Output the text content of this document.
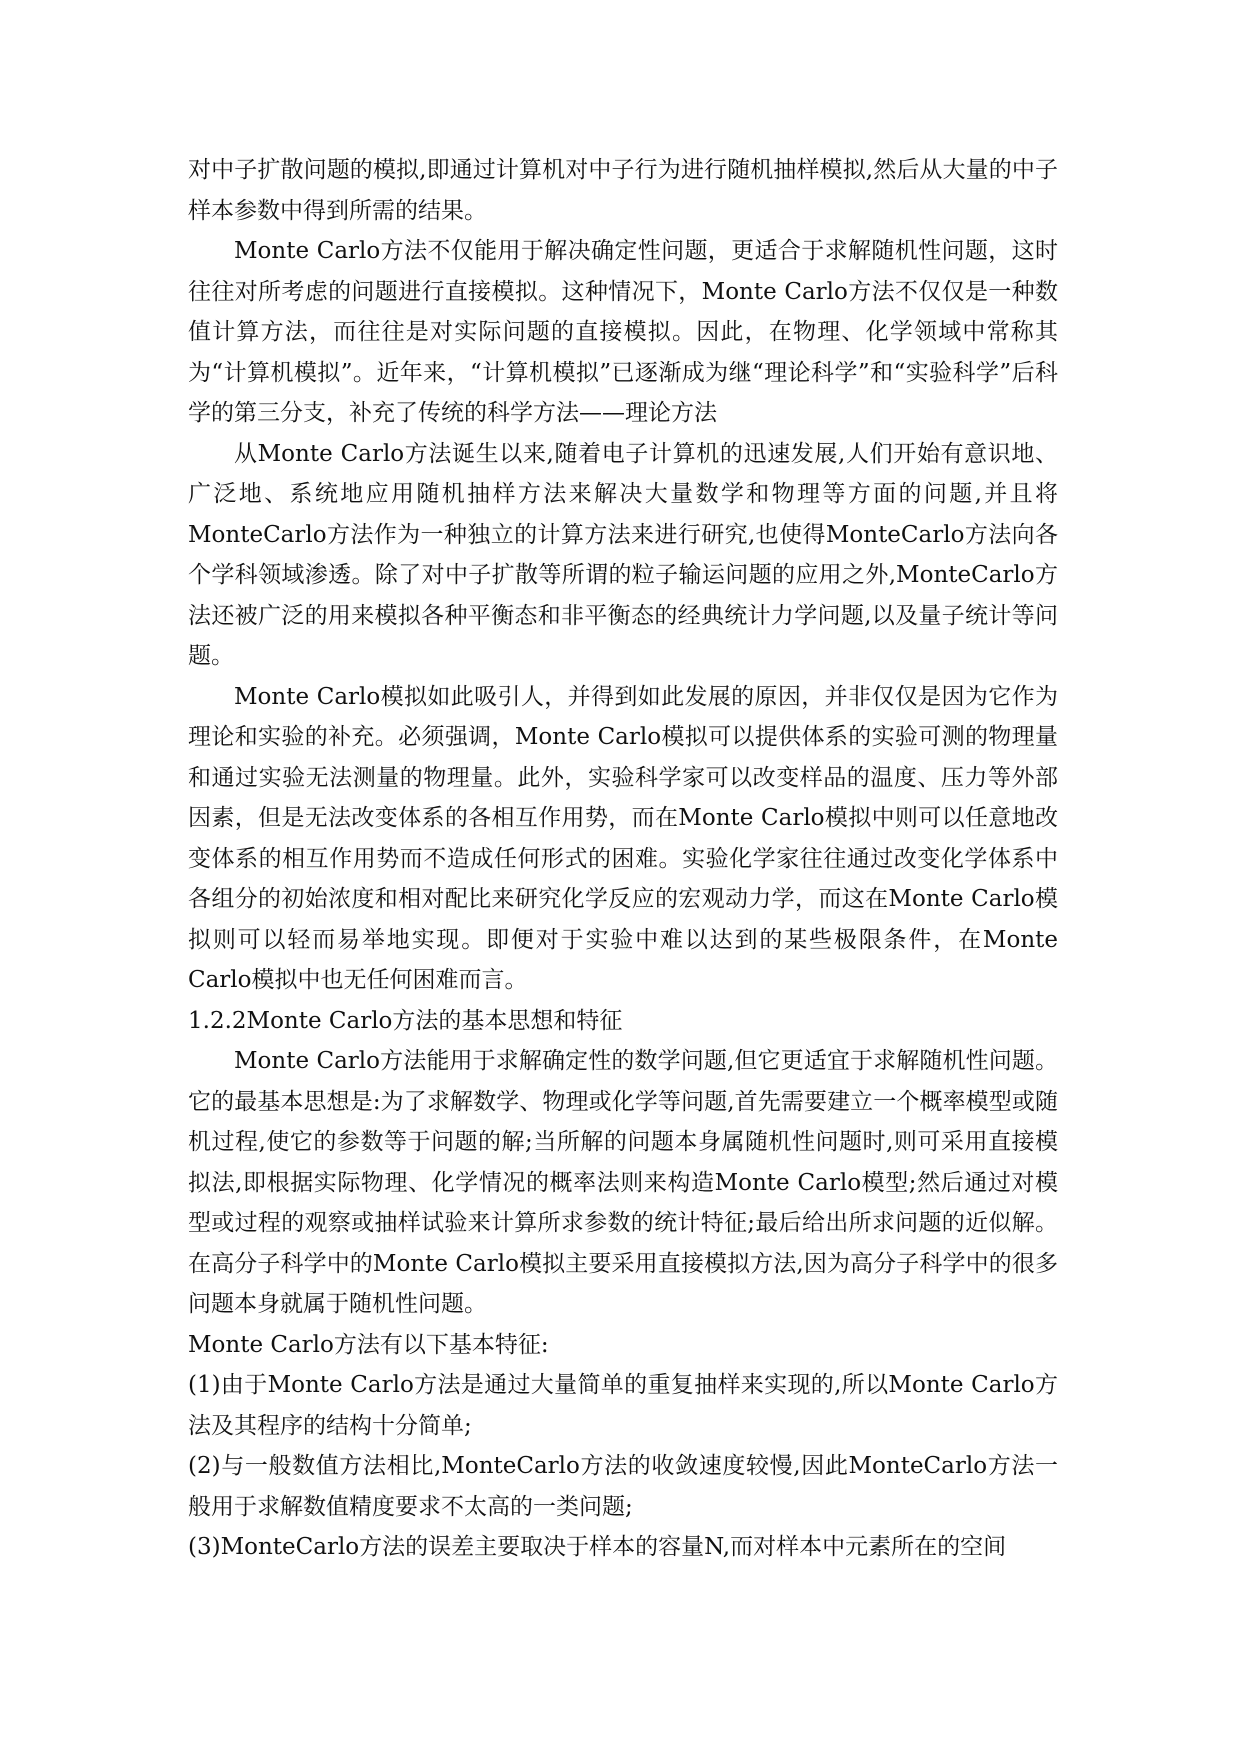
对中子扩散问题的模拟,即通过计算机对中子行为进行随机抽样模拟,然后从大量的中子样本参数中得到所需的结果。

Monte Carlo方法不仅能用于解决确定性问题，更适合于求解随机性问题，这时往往对所考虑的问题进行直接模拟。这种情况下，Monte Carlo方法不仅仅是一种数值计算方法，而往往是对实际问题的直接模拟。因此，在物理、化学领域中常称其为“计算机模拟”。近年来，“计算机模拟”已逐渐成为继“理论科学”和“实验科学”后科学的第三分支，补充了传统的科学方法——理论方法

从Monte Carlo方法诞生以来,随着电子计算机的迅速发展,人们开始有意识地、广泛地、系统地应用随机抽样方法来解决大量数学和物理等方面的问题,并且将MonteCarlo方法作为一种独立的计算方法来进行研究,也使得MonteCarlo方法向各个学科领域渗透。除了对中子扩散等所谓的粒子输运问题的应用之外,MonteCarlo方法还被广泛的用来模拟各种平衡态和非平衡态的经典统计力学问题,以及量子统计等问题。

Monte Carlo模拟如此吸引人，并得到如此发展的原因，并非仅仅是因为它作为理论和实验的补充。必须强调，Monte Carlo模拟可以提供体系的实验可测的物理量和通过实验无法测量的物理量。此外，实验科学家可以改变样品的温度、压力等外部因素，但是无法改变体系的各相互作用势，而在Monte Carlo模拟中则可以任意地改变体系的相互作用势而不造成任何形式的困难。实验化学家往往通过改变化学体系中各组分的初始浓度和相对配比来研究化学反应的宏观动力学，而这在Monte Carlo模拟则可以轻而易举地实现。即便对于实验中难以达到的某些极限条件，在Monte Carlo模拟中也无任何困难而言。

1.2.2Monte Carlo方法的基本思想和特征

Monte Carlo方法能用于求解确定性的数学问题,但它更适宜于求解随机性问题。它的最基本思想是:为了求解数学、物理或化学等问题,首先需要建立一个概率模型或随机过程,使它的参数等于问题的解;当所解的问题本身属随机性问题时,则可采用直接模拟法,即根据实际物理、化学情况的概率法则来构造Monte Carlo模型;然后通过对模型或过程的观察或抽样试验来计算所求参数的统计特征;最后给出所求问题的近似解。在高分子科学中的Monte Carlo模拟主要采用直接模拟方法,因为高分子科学中的很多问题本身就属于随机性问题。

Monte Carlo方法有以下基本特征:

(1)由于Monte Carlo方法是通过大量简单的重复抽样来实现的,所以Monte Carlo方法及其程序的结构十分简单;

(2)与一般数值方法相比,MonteCarlo方法的收敛速度较慢,因此MonteCarlo方法一般用于求解数值精度要求不太高的一类问题;

(3)MonteCarlo方法的误差主要取决于样本的容量N,而对样本中元素所在的空间
